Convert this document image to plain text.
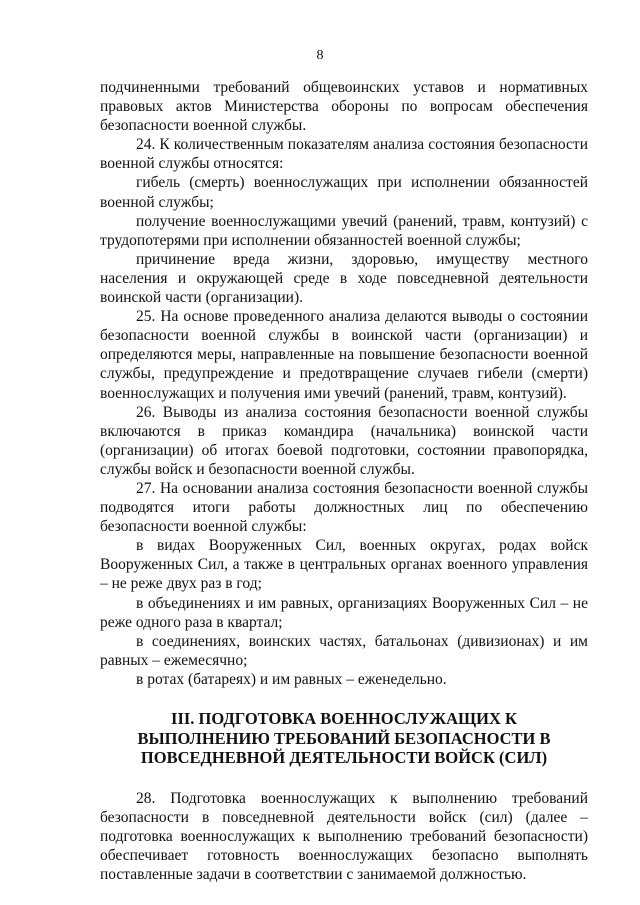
8

подчиненными требований общевоинских уставов и нормативных правовых актов Министерства обороны по вопросам обеспечения безопасности военной службы.

24. К количественным показателям анализа состояния безопасности военной службы относятся:

гибель (смерть) военнослужащих при исполнении обязанностей военной службы;

получение военнослужащими увечий (ранений, травм, контузий) с трудопотерями при исполнении обязанностей военной службы;

причинение вреда жизни, здоровью, имуществу местного населения и окружающей среде в ходе повседневной деятельности воинской части (организации).

25. На основе проведенного анализа делаются выводы о состоянии безопасности военной службы в воинской части (организации) и определяются меры, направленные на повышение безопасности военной службы, предупреждение и предотвращение случаев гибели (смерти) военнослужащих и получения ими увечий (ранений, травм, контузий).

26. Выводы из анализа состояния безопасности военной службы включаются в приказ командира (начальника) воинской части (организации) об итогах боевой подготовки, состоянии правопорядка, службы войск и безопасности военной службы.

27. На основании анализа состояния безопасности военной службы подводятся итоги работы должностных лиц по обеспечению безопасности военной службы:

в видах Вооруженных Сил, военных округах, родах войск Вооруженных Сил, а также в центральных органах военного управления – не реже двух раз в год;

в объединениях и им равных, организациях Вооруженных Сил – не реже одного раза в квартал;

в соединениях, воинских частях, батальонах (дивизионах) и им равных – ежемесячно;

в ротах (батареях) и им равных – еженедельно.

III. ПОДГОТОВКА ВОЕННОСЛУЖАЩИХ К ВЫПОЛНЕНИЮ ТРЕБОВАНИЙ БЕЗОПАСНОСТИ В ПОВСЕДНЕВНОЙ ДЕЯТЕЛЬНОСТИ ВОЙСК (СИЛ)

28. Подготовка военнослужащих к выполнению требований безопасности в повседневной деятельности войск (сил) (далее – подготовка военнослужащих к выполнению требований безопасности) обеспечивает готовность военнослужащих безопасно выполнять поставленные задачи в соответствии с занимаемой должностью.
